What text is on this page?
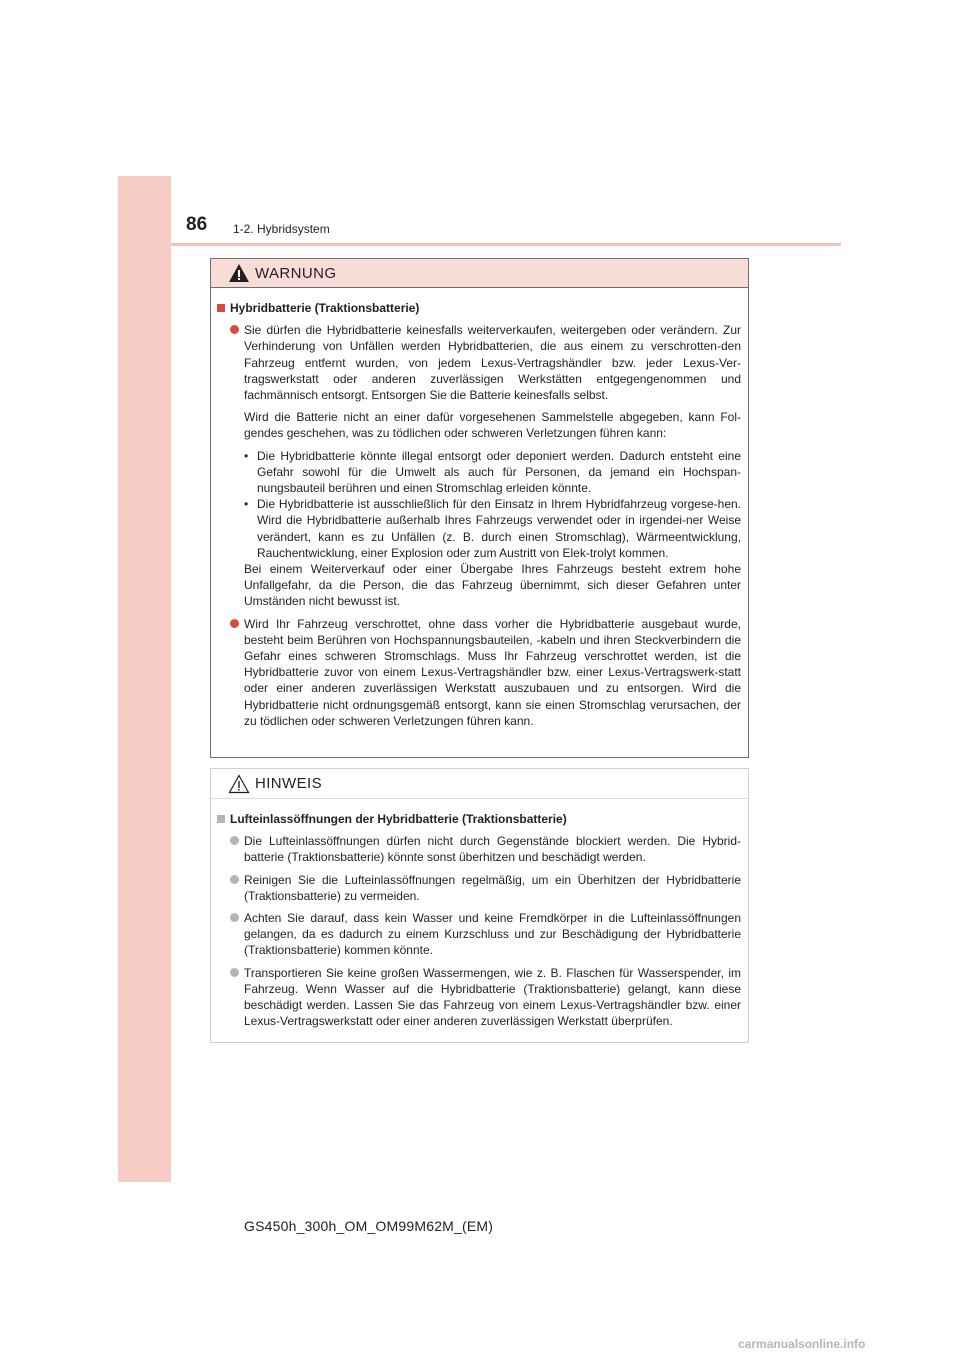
86 1-2. Hybridsystem
WARNUNG
Hybridbatterie (Traktionsbatterie)
Sie dürfen die Hybridbatterie keinesfalls weiterverkaufen, weitergeben oder verändern. Zur Verhinderung von Unfällen werden Hybridbatterien, die aus einem zu verschrotten-den Fahrzeug entfernt wurden, von jedem Lexus-Vertragshändler bzw. jeder Lexus-Ver-tragswerkstatt oder anderen zuverlässigen Werkstätten entgegengenommen und fachmännisch entsorgt. Entsorgen Sie die Batterie keinesfalls selbst.
Wird die Batterie nicht an einer dafür vorgesehenen Sammelstelle abgegeben, kann Fol-gendes geschehen, was zu tödlichen oder schweren Verletzungen führen kann:
• Die Hybridbatterie könnte illegal entsorgt oder deponiert werden. Dadurch entsteht eine Gefahr sowohl für die Umwelt als auch für Personen, da jemand ein Hochspan-nungsbauteil berühren und einen Stromschlag erleiden könnte.
• Die Hybridbatterie ist ausschließlich für den Einsatz in Ihrem Hybridfahrzeug vorgese-hen. Wird die Hybridbatterie außerhalb Ihres Fahrzeugs verwendet oder in irgendei-ner Weise verändert, kann es zu Unfällen (z. B. durch einen Stromschlag), Wärmeentwicklung, Rauchentwicklung, einer Explosion oder zum Austritt von Elek-trolyt kommen.
Bei einem Weiterverkauf oder einer Übergabe Ihres Fahrzeugs besteht extrem hohe Unfallgefahr, da die Person, die das Fahrzeug übernimmt, sich dieser Gefahren unter Umständen nicht bewusst ist.
Wird Ihr Fahrzeug verschrottet, ohne dass vorher die Hybridbatterie ausgebaut wurde, besteht beim Berühren von Hochspannungsbauteilen, -kabeln und ihren Steckverbindern die Gefahr eines schweren Stromschlags. Muss Ihr Fahrzeug verschrottet werden, ist die Hybridbatterie zuvor von einem Lexus-Vertragshändler bzw. einer Lexus-Vertragswerk-statt oder einer anderen zuverlässigen Werkstatt auszubauen und zu entsorgen. Wird die Hybridbatterie nicht ordnungsgemäß entsorgt, kann sie einen Stromschlag verursachen, der zu tödlichen oder schweren Verletzungen führen kann.
HINWEIS
Lufteinlassöffnungen der Hybridbatterie (Traktionsbatterie)
Die Lufteinlassöffnungen dürfen nicht durch Gegenstände blockiert werden. Die Hybrid-batterie (Traktionsbatterie) könnte sonst überhitzen und beschädigt werden.
Reinigen Sie die Lufteinlassöffnungen regelmäßig, um ein Überhitzen der Hybridbatterie (Traktionsbatterie) zu vermeiden.
Achten Sie darauf, dass kein Wasser und keine Fremdkörper in die Lufteinlassöffnungen gelangen, da es dadurch zu einem Kurzschluss und zur Beschädigung der Hybridbatterie (Traktionsbatterie) kommen könnte.
Transportieren Sie keine großen Wassermengen, wie z. B. Flaschen für Wasserspender, im Fahrzeug. Wenn Wasser auf die Hybridbatterie (Traktionsbatterie) gelangt, kann diese beschädigt werden. Lassen Sie das Fahrzeug von einem Lexus-Vertragshändler bzw. einer Lexus-Vertragswerkstatt oder einer anderen zuverlässigen Werkstatt überprüfen.
GS450h_300h_OM_OM99M62M_(EM)
carmanualsonline.info
